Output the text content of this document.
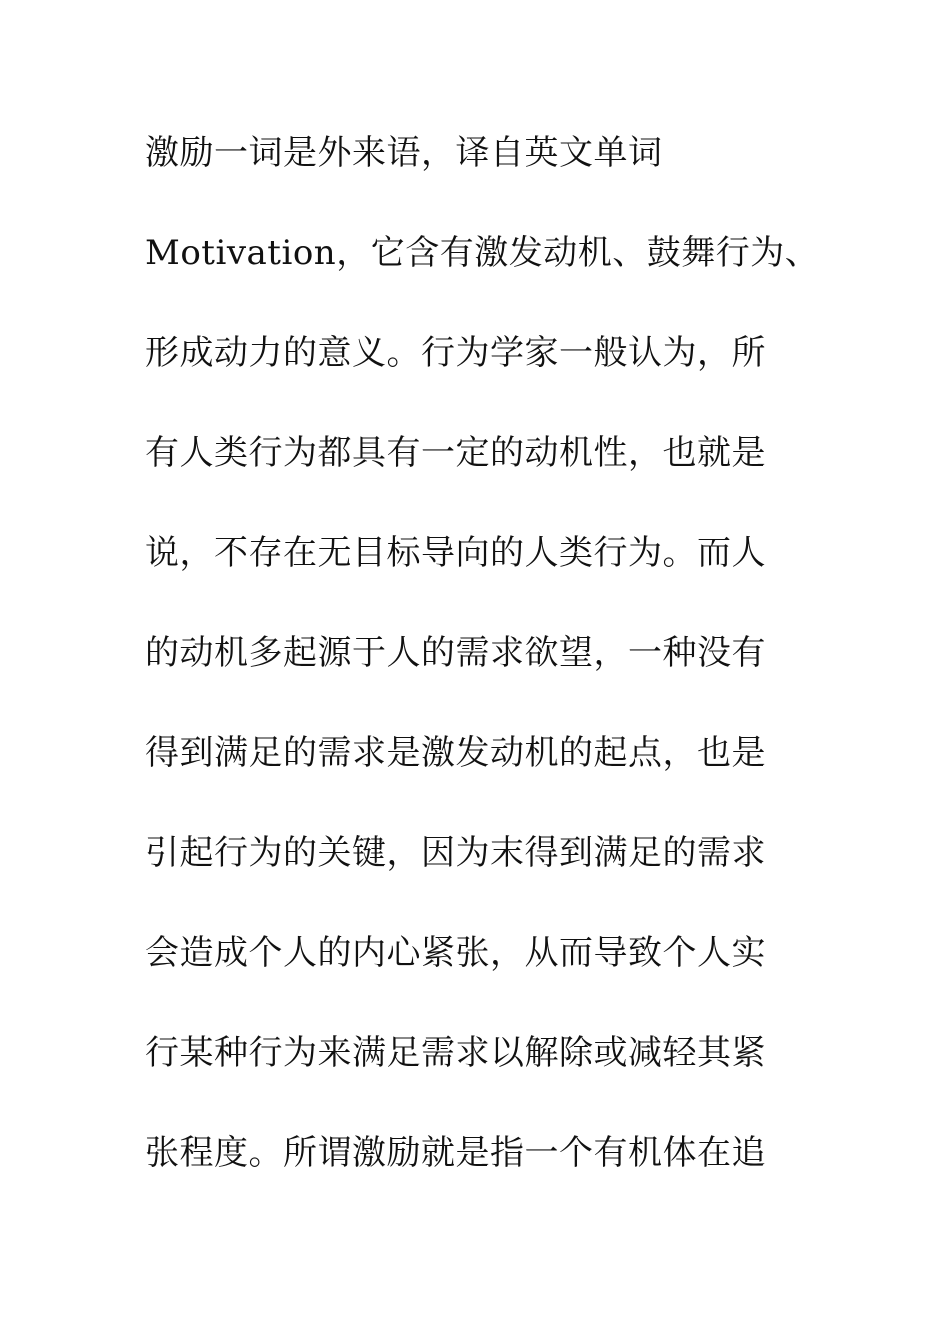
激励一词是外来语，译自英文单词
Motivation，它含有激发动机、鼓舞行为、
形成动力的意义。行为学家一般认为，所
有人类行为都具有一定的动机性，也就是
说，不存在无目标导向的人类行为。而人
的动机多起源于人的需求欲望，一种没有
得到满足的需求是激发动机的起点，也是
引起行为的关键，因为末得到满足的需求
会造成个人的内心紧张，从而导致个人实
行某种行为来满足需求以解除或减轻其紧
张程度。所谓激励就是指一个有机体在追
